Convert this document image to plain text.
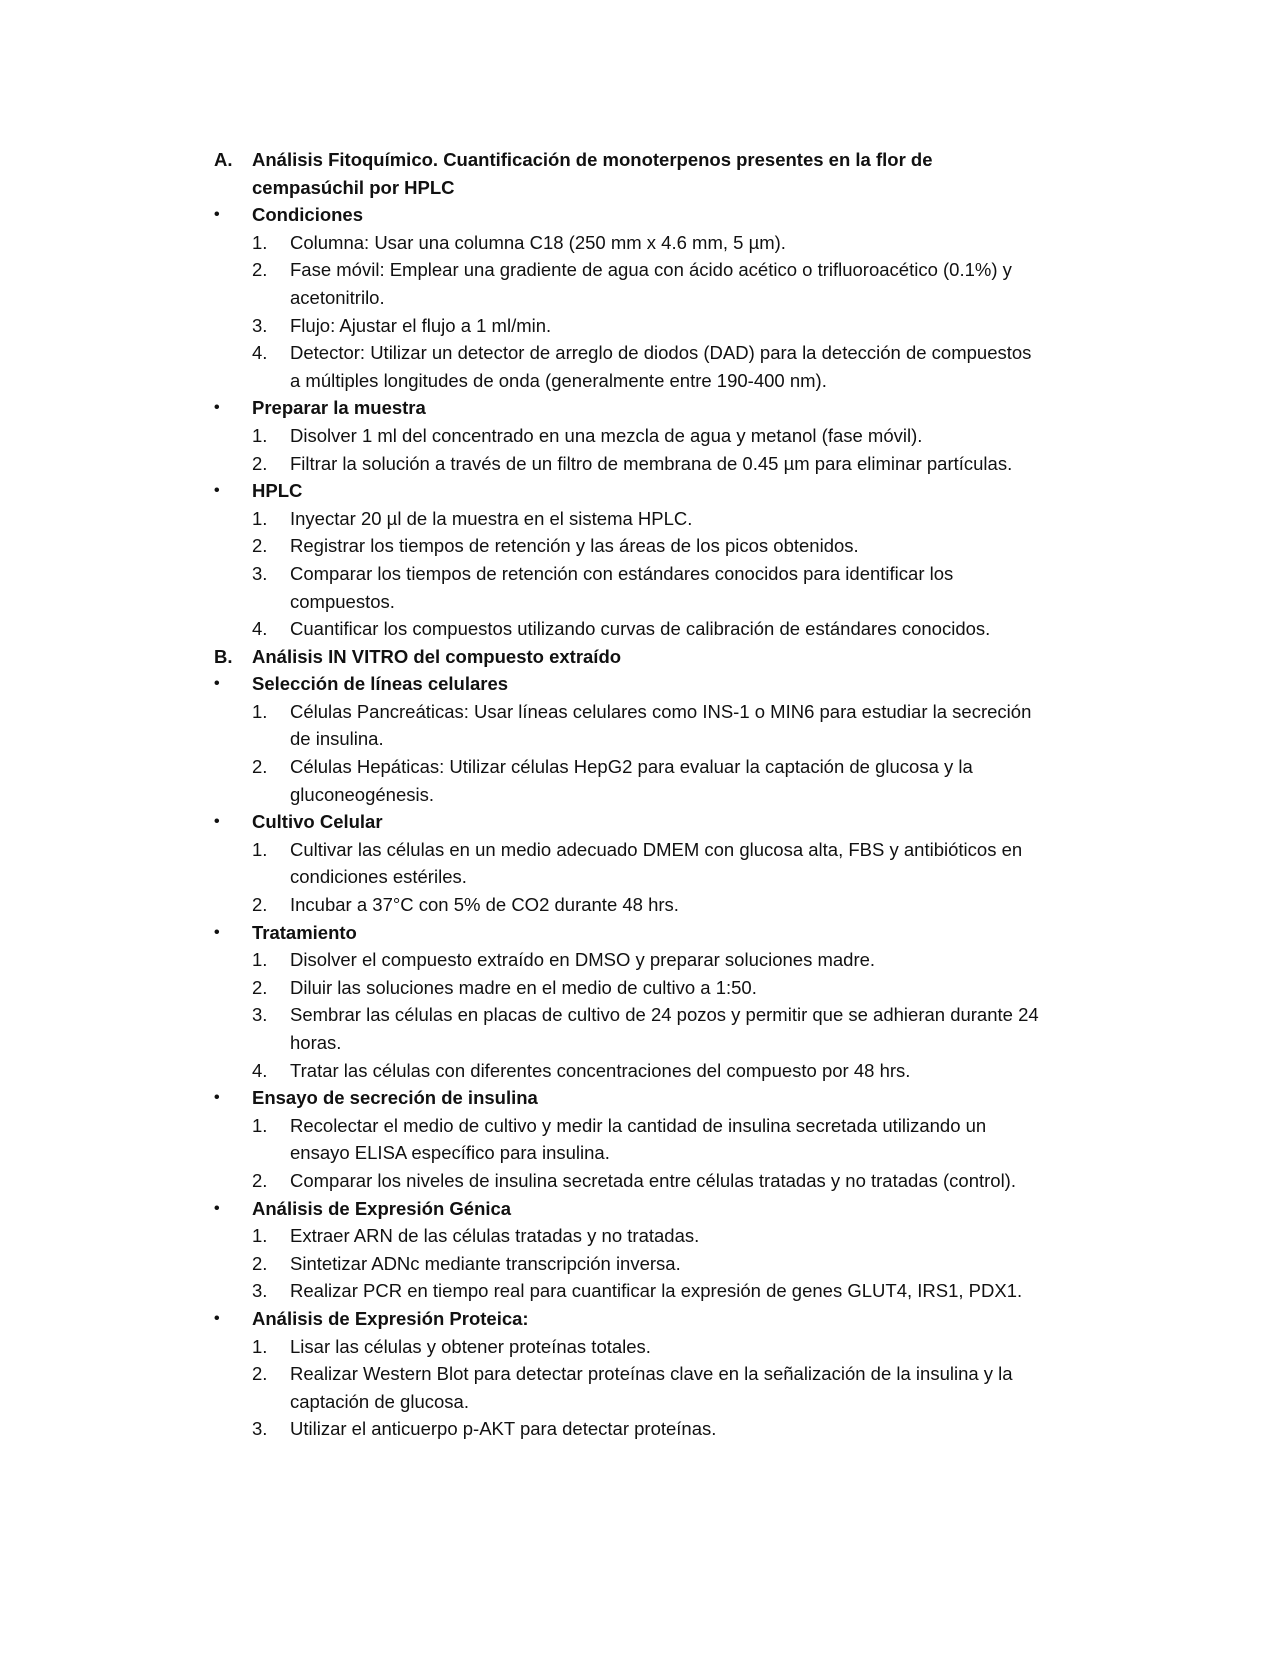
A. Análisis Fitoquímico. Cuantificación de monoterpenos presentes en la flor de
cempasúchil por HPLC
• Condiciones
1. Columna: Usar una columna C18 (250 mm x 4.6 mm, 5 µm).
2. Fase móvil: Emplear una gradiente de agua con ácido acético o trifluoroacético (0.1%) y
acetonitrilo.
3. Flujo: Ajustar el flujo a 1 ml/min.
4. Detector: Utilizar un detector de arreglo de diodos (DAD) para la detección de compuestos
a múltiples longitudes de onda (generalmente entre 190-400 nm).
• Preparar la muestra
1. Disolver 1 ml del concentrado en una mezcla de agua y metanol (fase móvil).
2. Filtrar la solución a través de un filtro de membrana de 0.45 µm para eliminar partículas.
• HPLC
1. Inyectar 20 µl de la muestra en el sistema HPLC.
2. Registrar los tiempos de retención y las áreas de los picos obtenidos.
3. Comparar los tiempos de retención con estándares conocidos para identificar los
compuestos.
4. Cuantificar los compuestos utilizando curvas de calibración de estándares conocidos.
B. Análisis IN VITRO del compuesto extraído
• Selección de líneas celulares
1. Células Pancreáticas: Usar líneas celulares como INS-1 o MIN6 para estudiar la secreción
de insulina.
2. Células Hepáticas: Utilizar células HepG2 para evaluar la captación de glucosa y la
gluconeogénesis.
• Cultivo Celular
1. Cultivar las células en un medio adecuado DMEM con glucosa alta, FBS y antibióticos en
condiciones estériles.
2. Incubar a 37°C con 5% de CO2 durante 48 hrs.
• Tratamiento
1. Disolver el compuesto extraído en DMSO y preparar soluciones madre.
2. Diluir las soluciones madre en el medio de cultivo a 1:50.
3. Sembrar las células en placas de cultivo de 24 pozos y permitir que se adhieran durante 24
horas.
4. Tratar las células con diferentes concentraciones del compuesto por 48 hrs.
• Ensayo de secreción de insulina
1. Recolectar el medio de cultivo y medir la cantidad de insulina secretada utilizando un
ensayo ELISA específico para insulina.
2. Comparar los niveles de insulina secretada entre células tratadas y no tratadas (control).
• Análisis de Expresión Génica
1. Extraer ARN de las células tratadas y no tratadas.
2. Sintetizar ADNc mediante transcripción inversa.
3. Realizar PCR en tiempo real para cuantificar la expresión de genes GLUT4, IRS1, PDX1.
• Análisis de Expresión Proteica:
1. Lisar las células y obtener proteínas totales.
2. Realizar Western Blot para detectar proteínas clave en la señalización de la insulina y la
captación de glucosa.
3. Utilizar el anticuerpo p-AKT para detectar proteínas.
